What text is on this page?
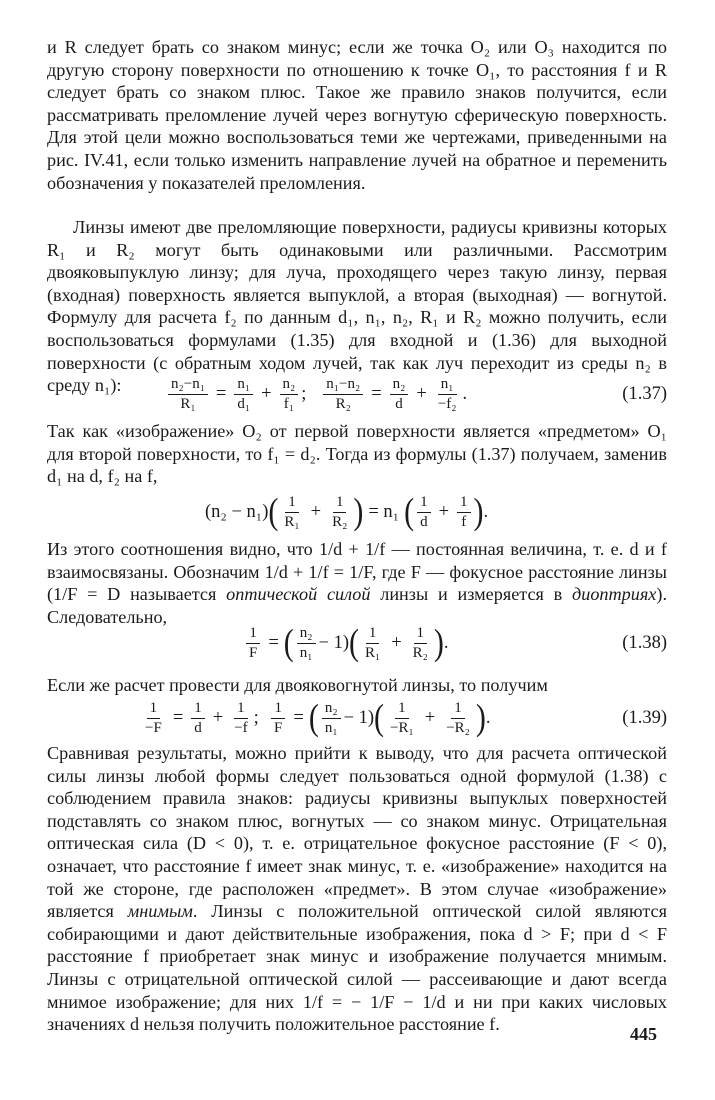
и R следует брать со знаком минус; если же точка O₂ или O₃ находится по другую сторону поверхности по отношению к точке O₁, то расстояния f и R следует брать со знаком плюс. Такое же правило знаков получится, если рассматривать преломление лучей через вогнутую сферическую поверхность. Для этой цели можно воспользоваться теми же чертежами, приведенными на рис. IV.41, если только изменить направление лучей на обратное и переменить обозначения у показателей преломления.

Линзы имеют две преломляющие поверхности, радиусы кривизны которых R₁ и R₂ могут быть одинаковыми или различными. Рассмотрим двояковыпуклую линзу; для луча, проходящего через такую линзу, первая (входная) поверхность является выпуклой, а вторая (выходная) — вогнутой. Формулу для расчета f₂ по данным d₁, n₁, n₂, R₁ и R₂ можно получить, если воспользоваться формулами (1.35) для входной и (1.36) для выходной поверхности (с обратным ходом лучей, так как луч переходит из среды n₂ в среду n₁):	$\frac{\text{n₂−n₁}}{\text{R₁}} = \frac{\text{n₁}}{\text{d₁}} + \frac{\text{n₂}}{\text{f₁}}$ ; $\frac{\text{n₁−n₂}}{\text{R₂}} = \frac{\text{n₂}}{d} + \frac{\text{n₁}}{\text{−f₂}}$ .	(1.37)

Так как «изображение» O₂ от первой поверхности является «предметом» O₁ для второй поверхности, то f₁ = d₂. Тогда из формулы (1.37) получаем, заменив d₁ на d, f₂ на f,

(n₂ − n₁) ( 1
$R_1 + \frac{1}{\text{R₂}}$ ) = n₁ ( 1
$d + \frac{1}{f}$ ) .

Из этого соотношения видно, что 1/d + 1/f — постоянная величина, т. е. d и f взаимосвязаны. Обозначим 1/d + 1/f = 1/F, где F — фокусное расстояние линзы (1/F = D называется оптической силой линзы и измеряется в диоптриях). Следовательно,

$\frac{1}{F}$ = ( n₂
n₁ − 1) ( 1
$R_1 + \frac{1}{\text{R₂}}$ ) .	(1.38)

Если же расчет провести для двояковогнутой линзы, то получим

$\frac{1}{-F} = \frac{1}{d} + \frac{1}{-f}$ ; $\frac{1}{F}$ = ( n₂
n₁ − 1) ( 1
$-R_1 + \frac{1}{\text{−R₂}}$ ) .	(1.39)

Сравнивая результаты, можно прийти к выводу, что для расчета оптической силы линзы любой формы следует пользоваться одной формулой (1.38) с соблюдением правила знаков: радиусы кривизны выпуклых поверхностей подставлять со знаком плюс, вогнутых — со знаком минус. Отрицательная оптическая сила (D < 0), т. е. отрицательное фокусное расстояние (F < 0), означает, что расстояние f имеет знак минус, т. е. «изображение» находится на той же стороне, где расположен «предмет». В этом случае «изображение» является мнимым. Линзы с положительной оптической силой являются собирающими и дают действительные изображения, пока d > F; при d < F расстояние f приобретает знак минус и изображение получается мнимым. Линзы с отрицательной оптической силой — рассеивающие и дают всегда мнимое изображение; для них 1/f = − 1/F − 1/d и ни при каких числовых значениях d нельзя получить положительное расстояние f.	445
